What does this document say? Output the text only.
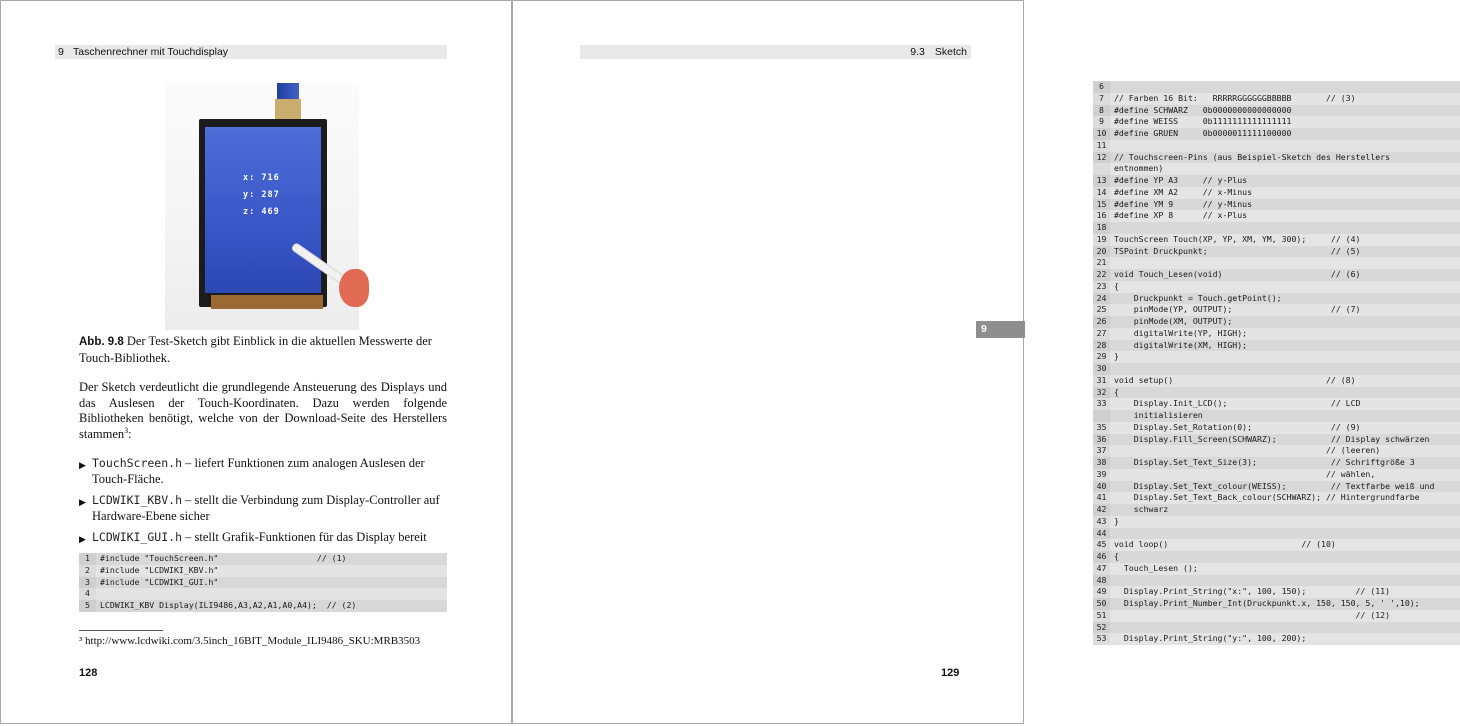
9 Taschenrechner mit Touchdisplay
x: 716
y: 287
z: 469
Abb. 9.8 Der Test-Sketch gibt Einblick in die aktuellen Messwerte der Touch-Bibliothek.
Der Sketch verdeutlicht die grundlegende Ansteuerung des Displays und das Auslesen der Touch-Koordinaten. Dazu werden folgende Bibliotheken benötigt, welche von der Download-Seite des Herstellers stammen$^3$:
▶ TouchScreen.h – liefert Funktionen zum analogen Auslesen der Touch-Fläche.
▶ LCDWIKI_KBV.h – stellt die Verbindung zum Display-Controller auf Hardware-Ebene sicher
▶ LCDWIKI_GUI.h – stellt Grafik-Funktionen für das Display bereit
1	#include "TouchScreen.h"                    // (1)
2	#include "LCDWIKI_KBV.h"
3	#include "LCDWIKI_GUI.h"
4
5	LCDWIKI_KBV Display(ILI9486,A3,A2,A1,A0,A4);  // (2)
³ http://www.lcdwiki.com/3.5inch_16BIT_Module_ILI9486_SKU:MRB3503
128
9.3 Sketch
6
7	// Farben 16 Bit:   RRRRRGGGGGGBBBBB       // (3)
8	#define SCHWARZ   0b0000000000000000
9	#define WEISS     0b1111111111111111
10 #define GRUEN     0b0000011111100000
11
12 // Touchscreen-Pins (aus Beispiel-Sketch des Herstellers
entnommen)
13 #define YP A3     // y-Plus
14 #define XM A2     // x-Minus
15 #define YM 9      // y-Minus
16 #define XP 8      // x-Plus
18
19 TouchScreen Touch(XP, YP, XM, YM, 300);     // (4)
20 TSPoint Druckpunkt;                         // (5)
21
22 void Touch_Lesen(void)                      // (6)
23 {
24 Druckpunkt = Touch.getPoint();
25 pinMode(YP, OUTPUT);                    // (7)
26 pinMode(XM, OUTPUT);
27 digitalWrite(YP, HIGH);
28 digitalWrite(XM, HIGH);
29 }
30
31 void setup()                               // (8)
32 {
33 Display.Init_LCD();                     // LCD
initialisieren
35 Display.Set_Rotation(0);                // (9)
36 Display.Fill_Screen(SCHWARZ);           // Display schwärzen
37 // (leeren)
38 Display.Set_Text_Size(3);               // Schriftgröße 3
39 // wählen,
40 Display.Set_Text_colour(WEISS);         // Textfarbe weiß und
41 Display.Set_Text_Back_colour(SCHWARZ); // Hintergrundfarbe
42 schwarz
43 }
44
45 void loop()                           // (10)
46 {
47 Touch_Lesen ();
48
49 Display.Print_String("x:", 100, 150);          // (11)
50 Display.Print_Number_Int(Druckpunkt.x, 150, 150, 5, ' ',10);
51 // (12)
52
53 Display.Print_String("y:", 100, 200);
9
129
